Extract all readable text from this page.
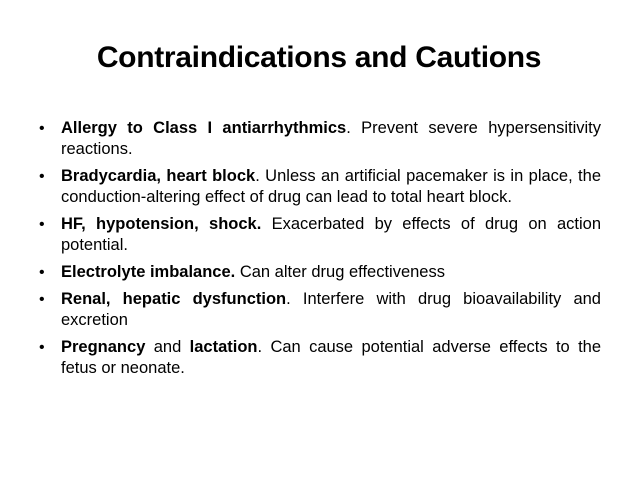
Contraindications and Cautions
• Allergy to Class I antiarrhythmics. Prevent severe hypersensitivity reactions.
• Bradycardia, heart block. Unless an artificial pacemaker is in place, the conduction-altering effect of drug can lead to total heart block.
• HF, hypotension, shock. Exacerbated by effects of drug on action potential.
• Electrolyte imbalance. Can alter drug effectiveness
• Renal, hepatic dysfunction. Interfere with drug bioavailability and excretion
• Pregnancy and lactation. Can cause potential adverse effects to the fetus or neonate.
